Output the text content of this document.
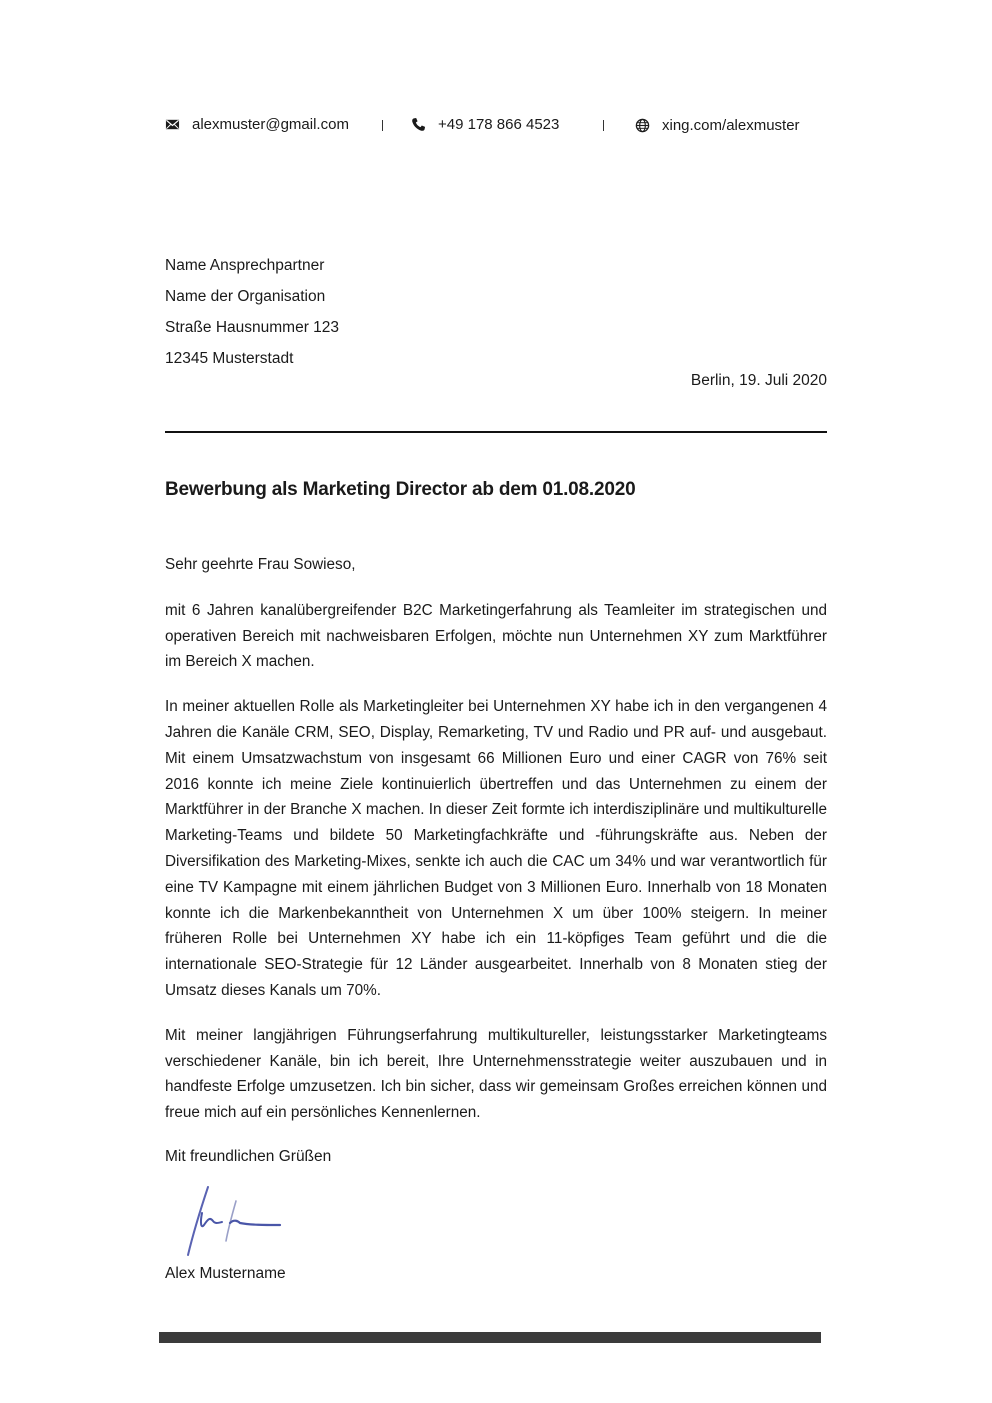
alexmuster@gmail.com	+49 178 866 4523	xing.com/alexmuster
Name Ansprechpartner
Name der Organisation
Straße Hausnummer 123
12345 Musterstadt
Berlin, 19. Juli 2020
Bewerbung als Marketing Director ab dem 01.08.2020

Sehr geehrte Frau Sowieso,

mit 6 Jahren kanalübergreifender B2C Marketingerfahrung als Teamleiter im strategischen und operativen Bereich mit nachweisbaren Erfolgen, möchte nun Unternehmen XY zum Marktführer im Bereich X machen.

In meiner aktuellen Rolle als Marketingleiter bei Unternehmen XY habe ich in den vergangenen 4 Jahren die Kanäle CRM, SEO, Display, Remarketing, TV und Radio und PR auf- und ausgebaut. Mit einem Umsatzwachstum von insgesamt 66 Millionen Euro und einer CAGR von 76% seit 2016 konnte ich meine Ziele kontinuierlich übertreffen und das Unternehmen zu einem der Marktführer in der Branche X machen. In dieser Zeit formte ich interdisziplinäre und multikulturelle Marketing-Teams und bildete 50 Marketingfachkräfte und -führungskräfte aus. Neben der Diversifikation des Marketing-Mixes, senkte ich auch die CAC um 34% und war verantwortlich für eine TV Kampagne mit einem jährlichen Budget von 3 Millionen Euro. Innerhalb von 18 Monaten konnte ich die Markenbekanntheit von Unternehmen X um über 100% steigern. In meiner früheren Rolle bei Unternehmen XY habe ich ein 11-köpfiges Team geführt und die die internationale SEO-Strategie für 12 Länder ausgearbeitet. Innerhalb von 8 Monaten stieg der Umsatz dieses Kanals um 70%.

Mit meiner langjährigen Führungserfahrung multikultureller, leistungsstarker Marketingteams verschiedener Kanäle, bin ich bereit, Ihre Unternehmensstrategie weiter auszubauen und in handfeste Erfolge umzusetzen. Ich bin sicher, dass wir gemeinsam Großes erreichen können und freue mich auf ein persönliches Kennenlernen.

Mit freundlichen Grüßen
Alex Mustername
